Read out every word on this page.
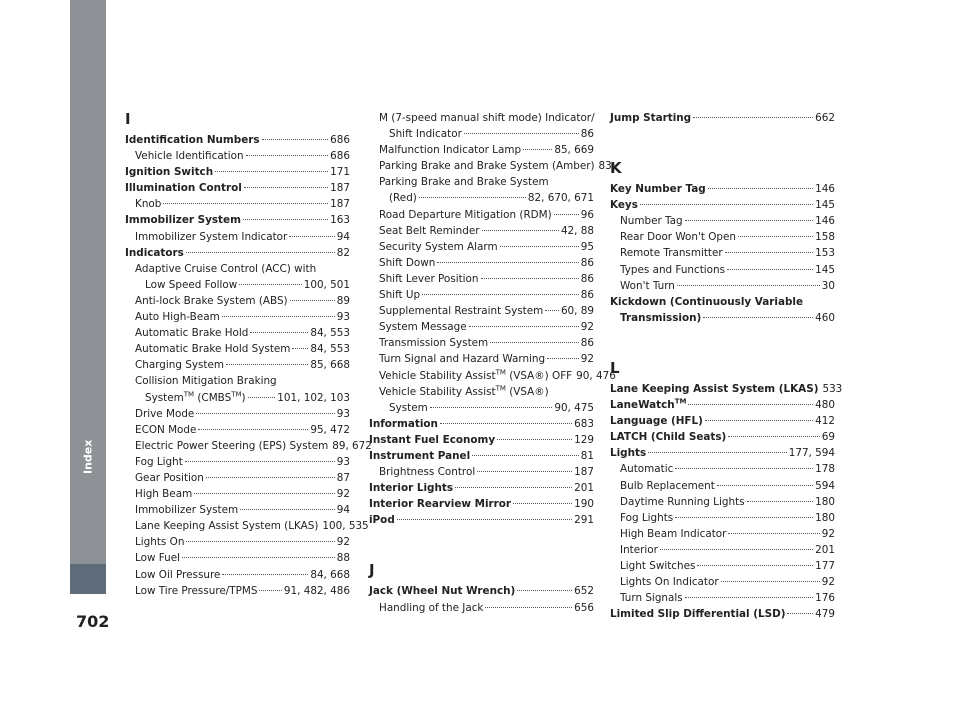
Index
702
I
Identification Numbers	686
Vehicle Identification	686
Ignition Switch	171
Illumination Control	187
Knob	187
Immobilizer System	163
Immobilizer System Indicator	94
Indicators	82
Adaptive Cruise Control (ACC) with
Low Speed Follow	100, 501
Anti-lock Brake System (ABS)	89
Auto High-Beam	93
Automatic Brake Hold	84, 553
Automatic Brake Hold System 84, 553
Charging System	85, 668
Collision Mitigation Braking
System™ (CMBS™)	101, 102, 103
Drive Mode	93
ECON Mode	95, 472
Electric Power Steering (EPS) System 89, 672
Fog Light	93
Gear Position	87
High Beam	92
Immobilizer System	94
Lane Keeping Assist System (LKAS) 100, 535
Lights On	92
Low Fuel	88
Low Oil Pressure	84, 668
Low Tire Pressure/TPMS	91, 482, 486
M (7-speed manual shift mode) Indicator/
Shift Indicator	86
Malfunction Indicator Lamp	85, 669
Parking Brake and Brake System (Amber) 83
Parking Brake and Brake System
(Red)	82, 670, 671
Road Departure Mitigation (RDM)	96
Seat Belt Reminder	42, 88
Security System Alarm	95
Shift Down	86
Shift Lever Position	86
Shift Up	86
Supplemental Restraint System 60, 89
System Message	92
Transmission System	86
Turn Signal and Hazard Warning	92
Vehicle Stability Assist™ (VSA®) OFF 90, 476
Vehicle Stability Assist™ (VSA®)
System	90, 475
Information	683
Instant Fuel Economy	129
Instrument Panel	81
Brightness Control	187
Interior Lights	201
Interior Rearview Mirror	190
iPod	291
J
Jack (Wheel Nut Wrench)	652
Handling of the Jack	656
Jump Starting	662
K
Key Number Tag	146
Keys	145
Number Tag	146
Rear Door Won't Open	158
Remote Transmitter	153
Types and Functions	145
Won't Turn	30
Kickdown (Continuously Variable
Transmission)	460
L
Lane Keeping Assist System (LKAS) 533
LaneWatch™	480
Language (HFL)	412
LATCH (Child Seats)	69
Lights	177, 594
Automatic	178
Bulb Replacement	594
Daytime Running Lights	180
Fog Lights	180
High Beam Indicator	92
Interior	201
Light Switches	177
Lights On Indicator	92
Turn Signals	176
Limited Slip Differential (LSD)	479
